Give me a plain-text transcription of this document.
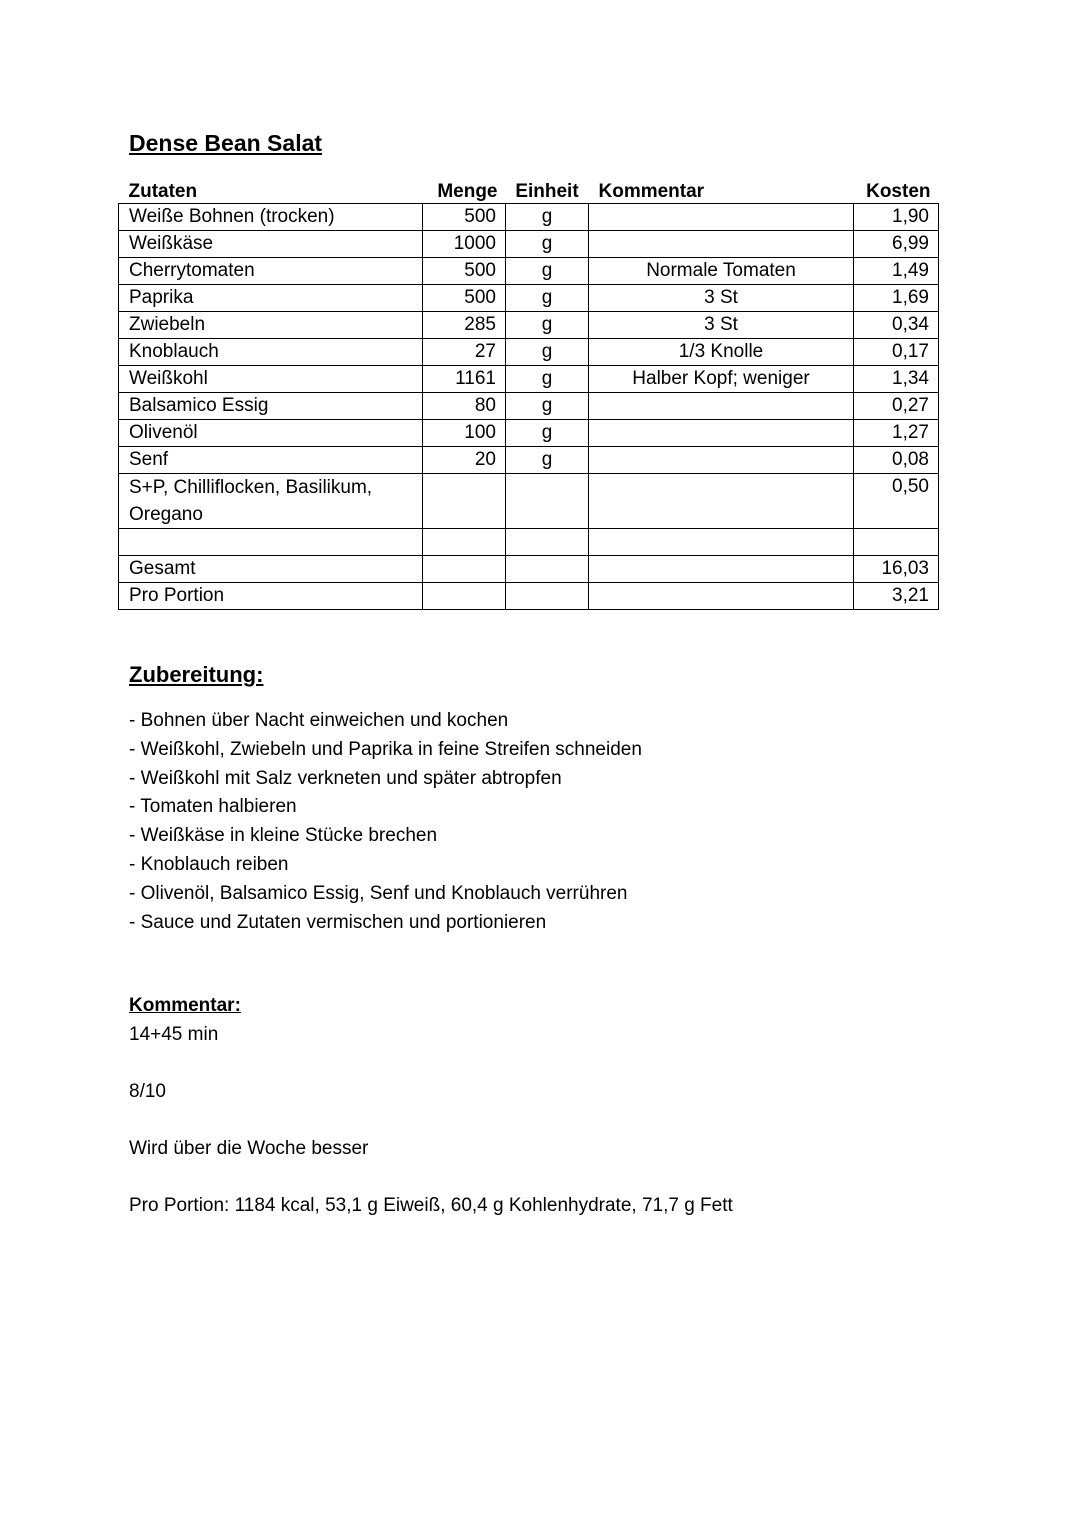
Dense Bean Salat
Zutaten	Menge	Einheit	Kommentar	Kosten
Weiße Bohnen (trocken)	500	g		1,90
Weißkäse	1000	g		6,99
Cherrytomaten	500	g	Normale Tomaten	1,49
Paprika	500	g	3 St	1,69
Zwiebeln	285	g	3 St	0,34
Knoblauch	27	g	1/3 Knolle	0,17
Weißkohl	1161	g	Halber Kopf; weniger	1,34
Balsamico Essig	80	g		0,27
Olivenöl	100	g		1,27
Senf	20	g		0,08
S+P, Chilliflocken, Basilikum, Oregano				0,50

Gesamt				16,03
Pro Portion				3,21
Zubereitung:
- Bohnen über Nacht einweichen und kochen
- Weißkohl, Zwiebeln und Paprika in feine Streifen schneiden
- Weißkohl mit Salz verkneten und später abtropfen
- Tomaten halbieren
- Weißkäse in kleine Stücke brechen
- Knoblauch reiben
- Olivenöl, Balsamico Essig, Senf und Knoblauch verrühren
- Sauce und Zutaten vermischen und portionieren

Kommentar:

14+45 min

8/10

Wird über die Woche besser

Pro Portion: 1184 kcal, 53,1 g Eiweiß, 60,4 g Kohlenhydrate, 71,7 g Fett
